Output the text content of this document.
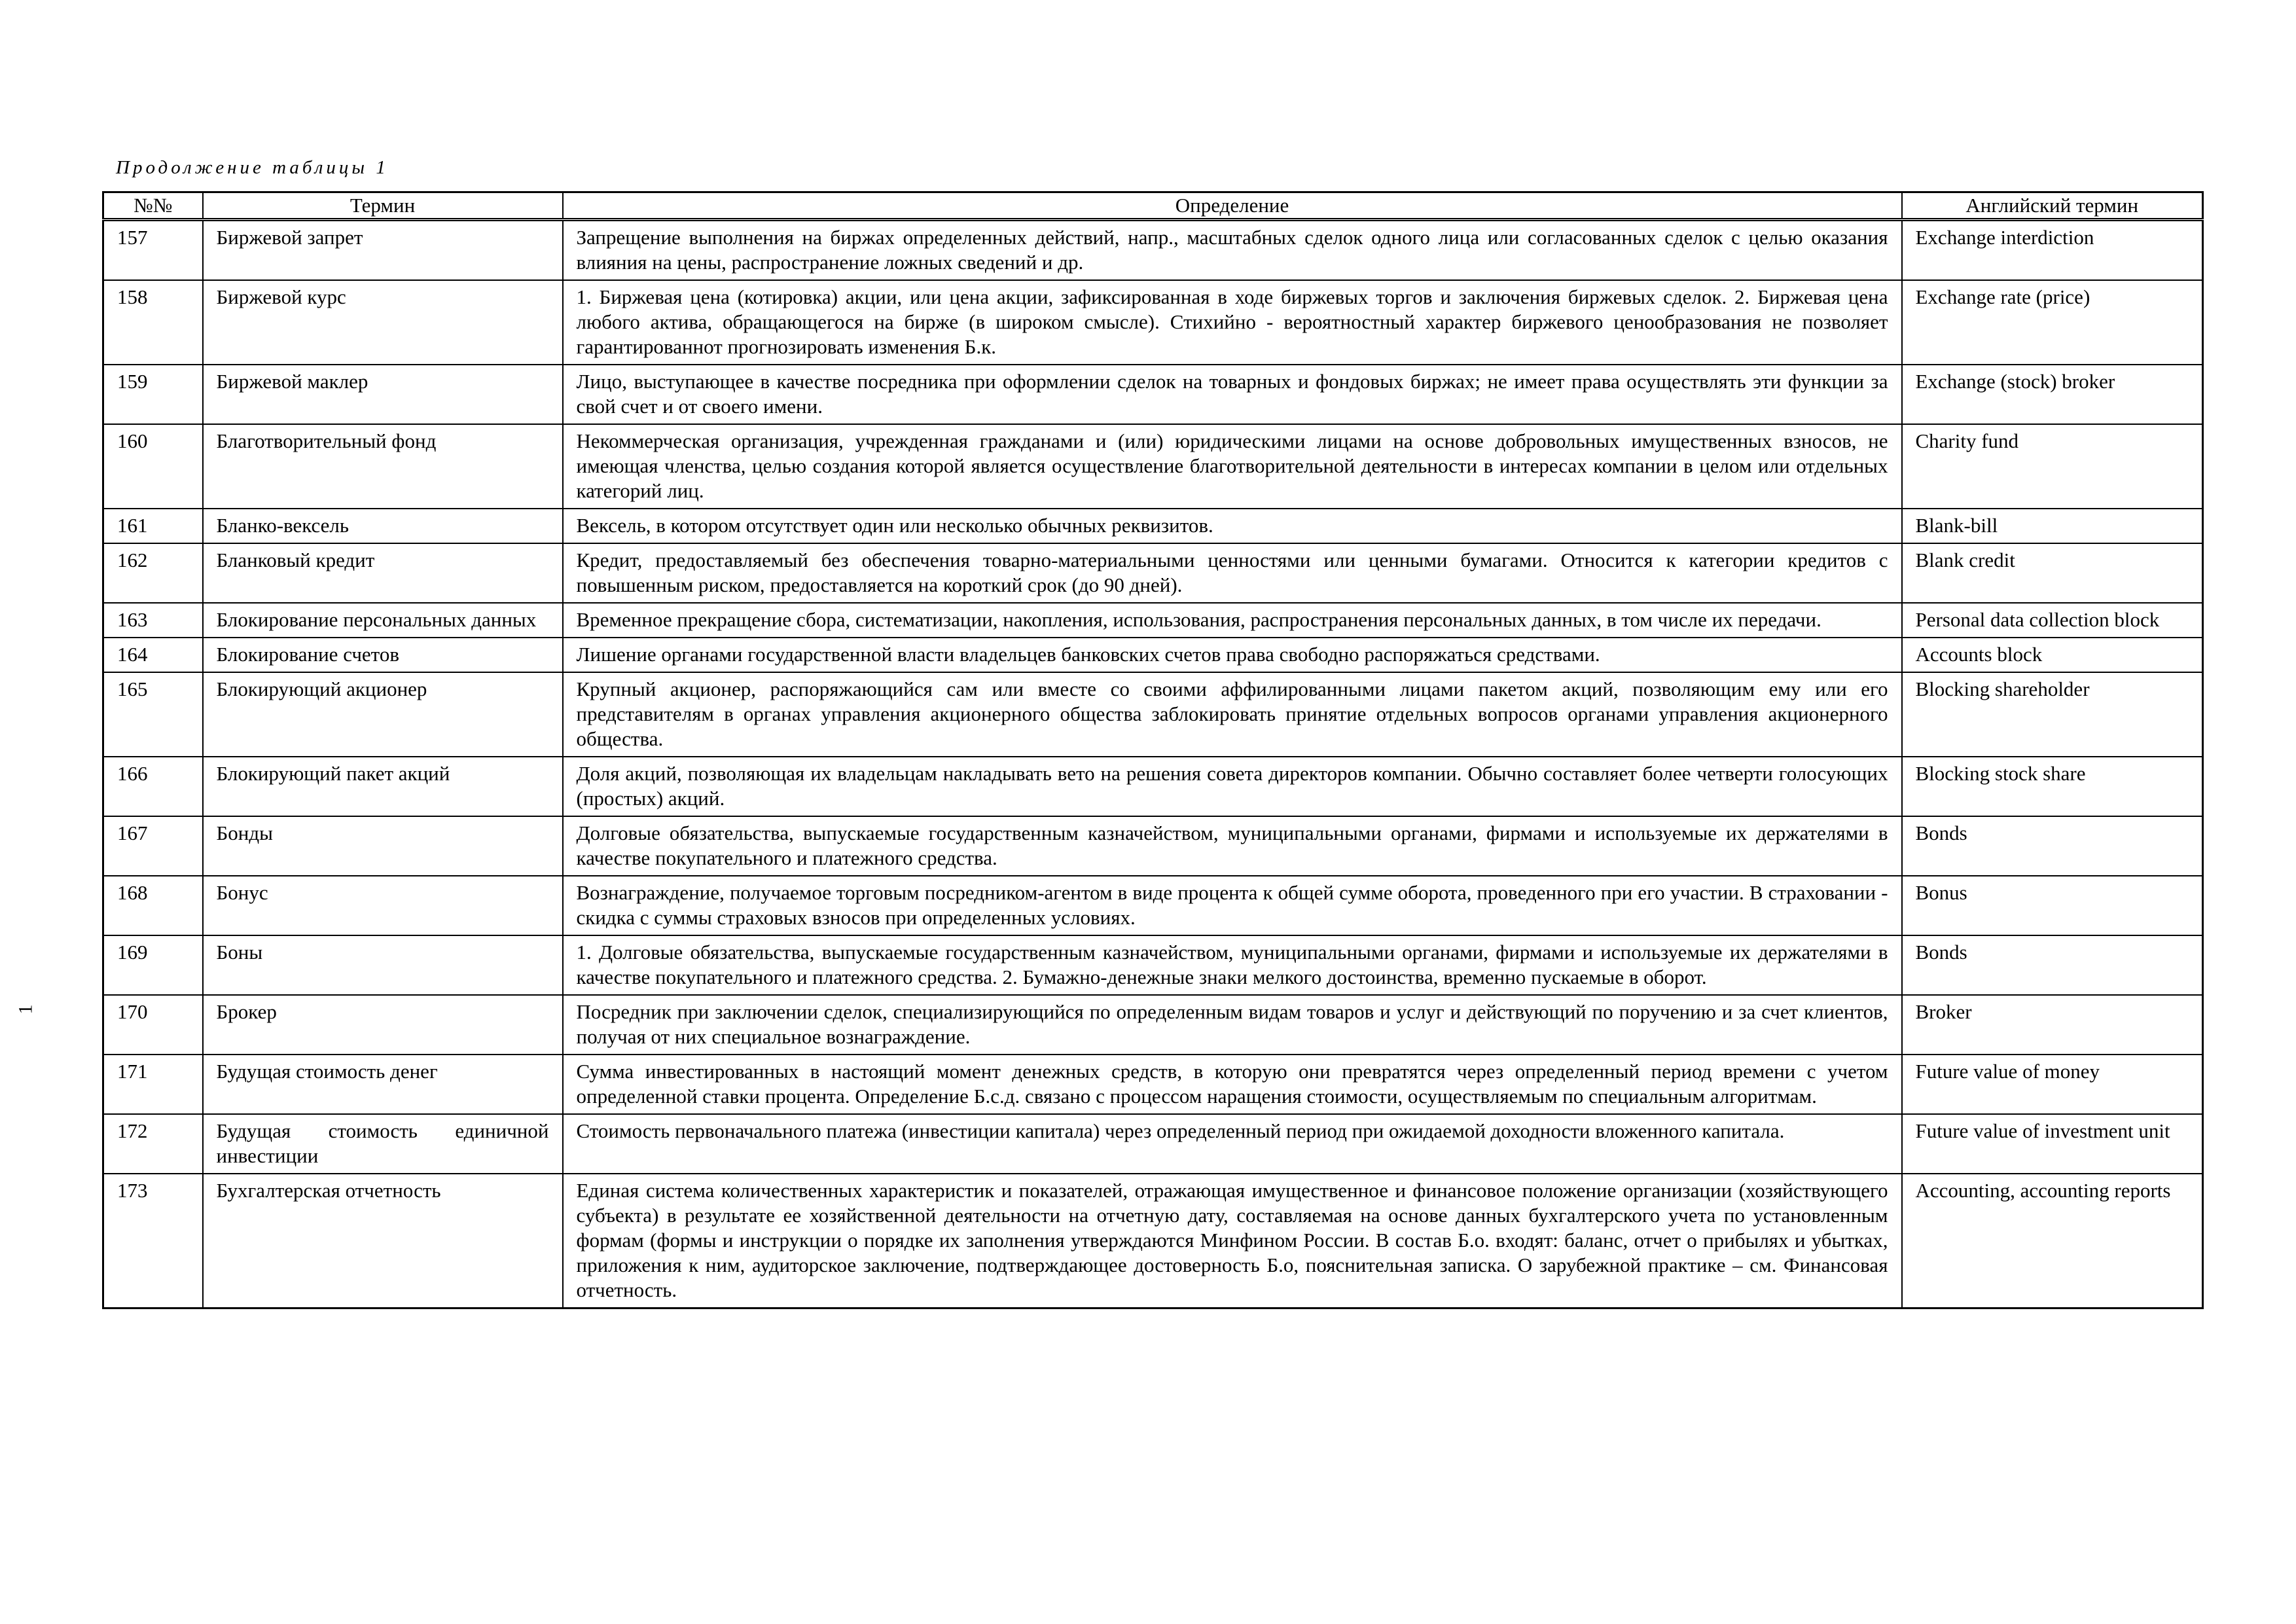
Продолжение таблицы 1
1
№№	Термин	Определение	Английский термин
157	Биржевой запрет	Запрещение выполнения на биржах определенных действий, напр., масштабных сделок одного лица или согласованных сделок с целью оказания влияния на цены, распространение ложных сведений и др.	Exchange interdiction
158	Биржевой курс	1. Биржевая цена (котировка) акции, или цена акции, зафиксированная в ходе биржевых торгов и заключения биржевых сделок. 2. Биржевая цена любого актива, обращающегося на бирже (в широком смысле). Стихийно - вероятностный характер биржевого ценообразования не позволяет гарантированнот прогнозировать изменения Б.к.	Exchange rate (price)
159	Биржевой маклер	Лицо, выступающее в качестве посредника при оформлении сделок на товарных и фондовых биржах; не имеет права осуществлять эти функции за свой счет и от своего имени.	Exchange (stock) broker
160	Благотворительный фонд	Некоммерческая организация, учрежденная гражданами и (или) юридическими лицами на основе добровольных имущественных взносов, не имеющая членства, целью создания которой является осуществление благотворительной деятельности в интересах компании в целом или отдельных категорий лиц.	Charity fund
161	Бланко-вексель	Вексель, в котором отсутствует один или несколько обычных реквизитов.	Blank-bill
162	Бланковый кредит	Кредит, предоставляемый без обеспечения товарно-материальными ценностями или ценными бумагами. Относится к категории кредитов с повышенным риском, предоставляется на короткий срок (до 90 дней).	Blank credit
163	Блокирование персональных данных	Временное прекращение сбора, систематизации, накопления, использования, распространения персональных данных, в том числе их передачи.	Personal data collection block
164	Блокирование счетов	Лишение органами государственной власти владельцев банковских счетов права свободно распоряжаться средствами.	Accounts block
165	Блокирующий акционер	Крупный акционер, распоряжающийся сам или вместе со своими аффилированными лицами пакетом акций, позволяющим ему или его представителям в органах управления акционерного общества заблокировать принятие отдельных вопросов органами управления акционерного общества.	Blocking shareholder
166	Блокирующий пакет акций	Доля акций, позволяющая их владельцам накладывать вето на решения совета директоров компании. Обычно составляет более четверти голосующих (простых) акций.	Blocking stock share
167	Бонды	Долговые обязательства, выпускаемые государственным казначейством, муниципальными органами, фирмами и используемые их держателями в качестве покупательного и платежного средства.	Bonds
168	Бонус	Вознаграждение, получаемое торговым посредником-агентом в виде процента к общей сумме оборота, проведенного при его участии. В страховании - скидка с суммы страховых взносов при определенных условиях.	Bonus
169	Боны	1. Долговые обязательства, выпускаемые государственным казначейством, муниципальными органами, фирмами и используемые их держателями в качестве покупательного и платежного средства. 2. Бумажно-денежные знаки мелкого достоинства, временно пускаемые в оборот.	Bonds
170	Брокер	Посредник при заключении сделок, специализирующийся по определенным видам товаров и услуг и действующий по поручению и за счет клиентов, получая от них специальное вознаграждение.	Broker
171	Будущая стоимость денег	Сумма инвестированных в настоящий момент денежных средств, в которую они превратятся через определенный период времени с учетом определенной ставки процента. Определение Б.с.д. связано с процессом наращения стоимости, осуществляемым по специальным алгоритмам.	Future value of money
172	Будущая стоимость единичной инвестиции	Стоимость первоначального платежа (инвестиции капитала) через определенный период при ожидаемой доходности вложенного капитала.	Future value of investment unit
173	Бухгалтерская отчетность	Единая система количественных характеристик и показателей, отражающая имущественное и финансовое положение организации (хозяйствующего субъекта) в результате ее хозяйственной деятельности на отчетную дату, составляемая на основе данных бухгалтерского учета по установленным формам (формы и инструкции о порядке их заполнения утверждаются Минфином России. В состав Б.о. входят: баланс, отчет о прибылях и убытках, приложения к ним, аудиторское заключение, подтверждающее достоверность Б.о, пояснительная записка. О зарубежной практике – см. Финансовая отчетность.	Accounting, accounting reports
